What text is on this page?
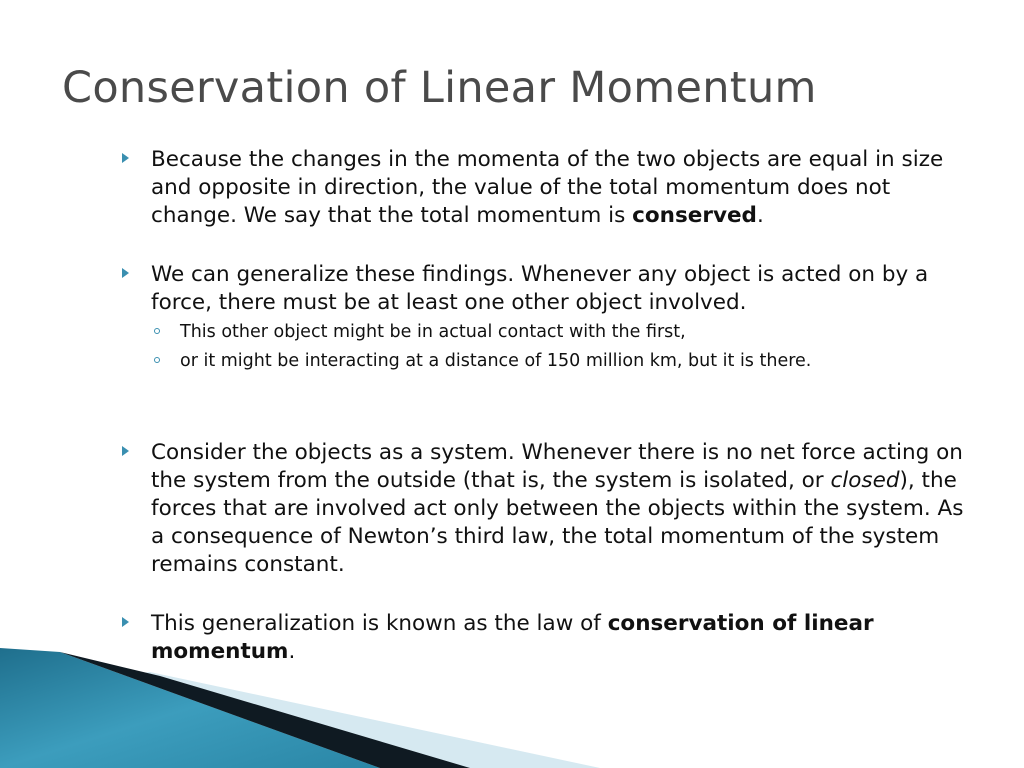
Conservation of Linear Momentum

Because the changes in the momenta of the two objects are equal in size and opposite in direction, the value of the total momentum does not change. We say that the total momentum is conserved.

We can generalize these findings. Whenever any object is acted on by a force, there must be at least one other object involved.

This other object might be in actual contact with the first,

or it might be interacting at a distance of 150 million km, but it is there.

Consider the objects as a system. Whenever there is no net force acting on the system from the outside (that is, the system is isolated, or closed), the forces that are involved act only between the objects within the system. As a consequence of Newton’s third law, the total momentum of the system remains constant.

This generalization is known as the law of conservation of linear momentum.
